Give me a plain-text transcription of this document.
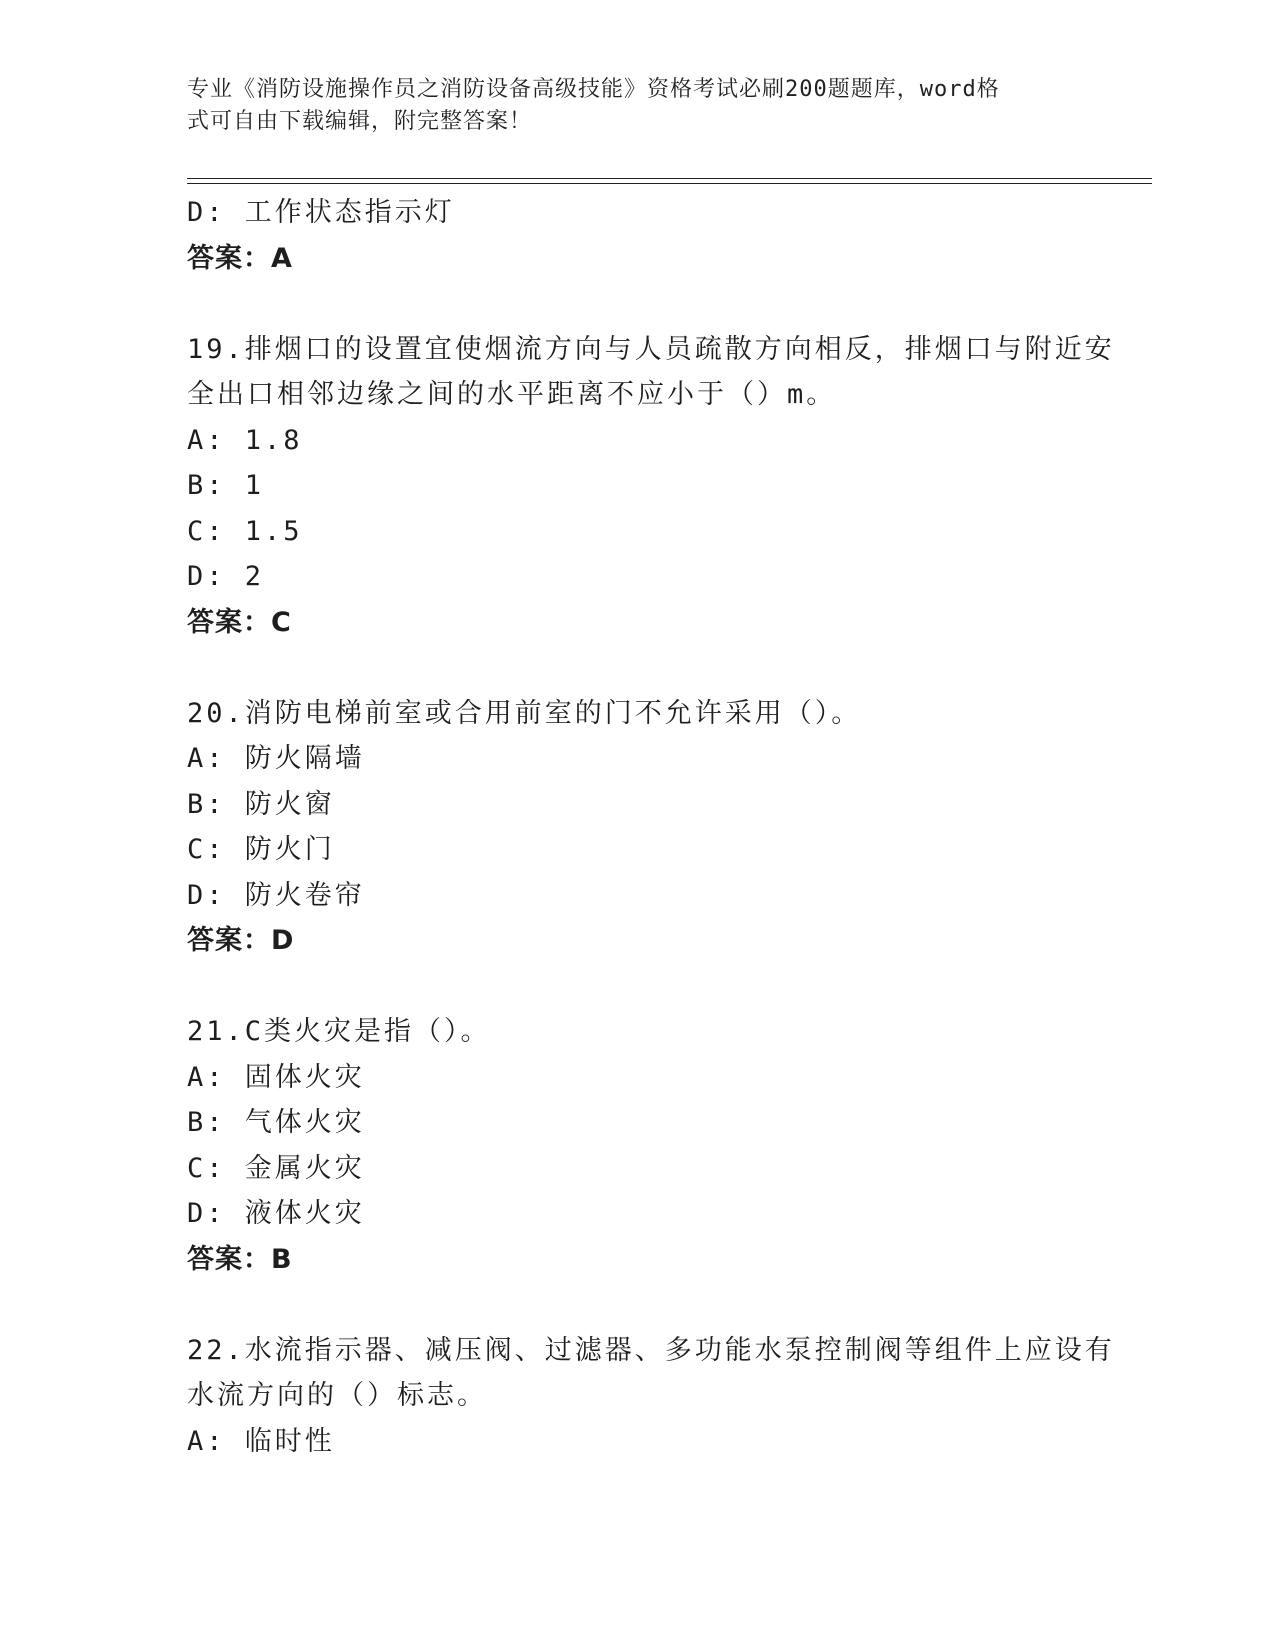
专业《消防设施操作员之消防设备高级技能》资格考试必刷200题题库，word格
式可自由下载编辑，附完整答案！
D: 工作状态指示灯
答案：A
19.排烟口的设置宜使烟流方向与人员疏散方向相反，排烟口与附近安
全出口相邻边缘之间的水平距离不应小于（）m。
A: 1.8
B: 1
C: 1.5
D: 2
答案：C
20.消防电梯前室或合用前室的门不允许采用（）。
A: 防火隔墙
B: 防火窗
C: 防火门
D: 防火卷帘
答案：D
21.C类火灾是指（）。
A: 固体火灾
B: 气体火灾
C: 金属火灾
D: 液体火灾
答案：B
22.水流指示器、减压阀、过滤器、多功能水泵控制阀等组件上应设有
水流方向的（）标志。
A: 临时性
